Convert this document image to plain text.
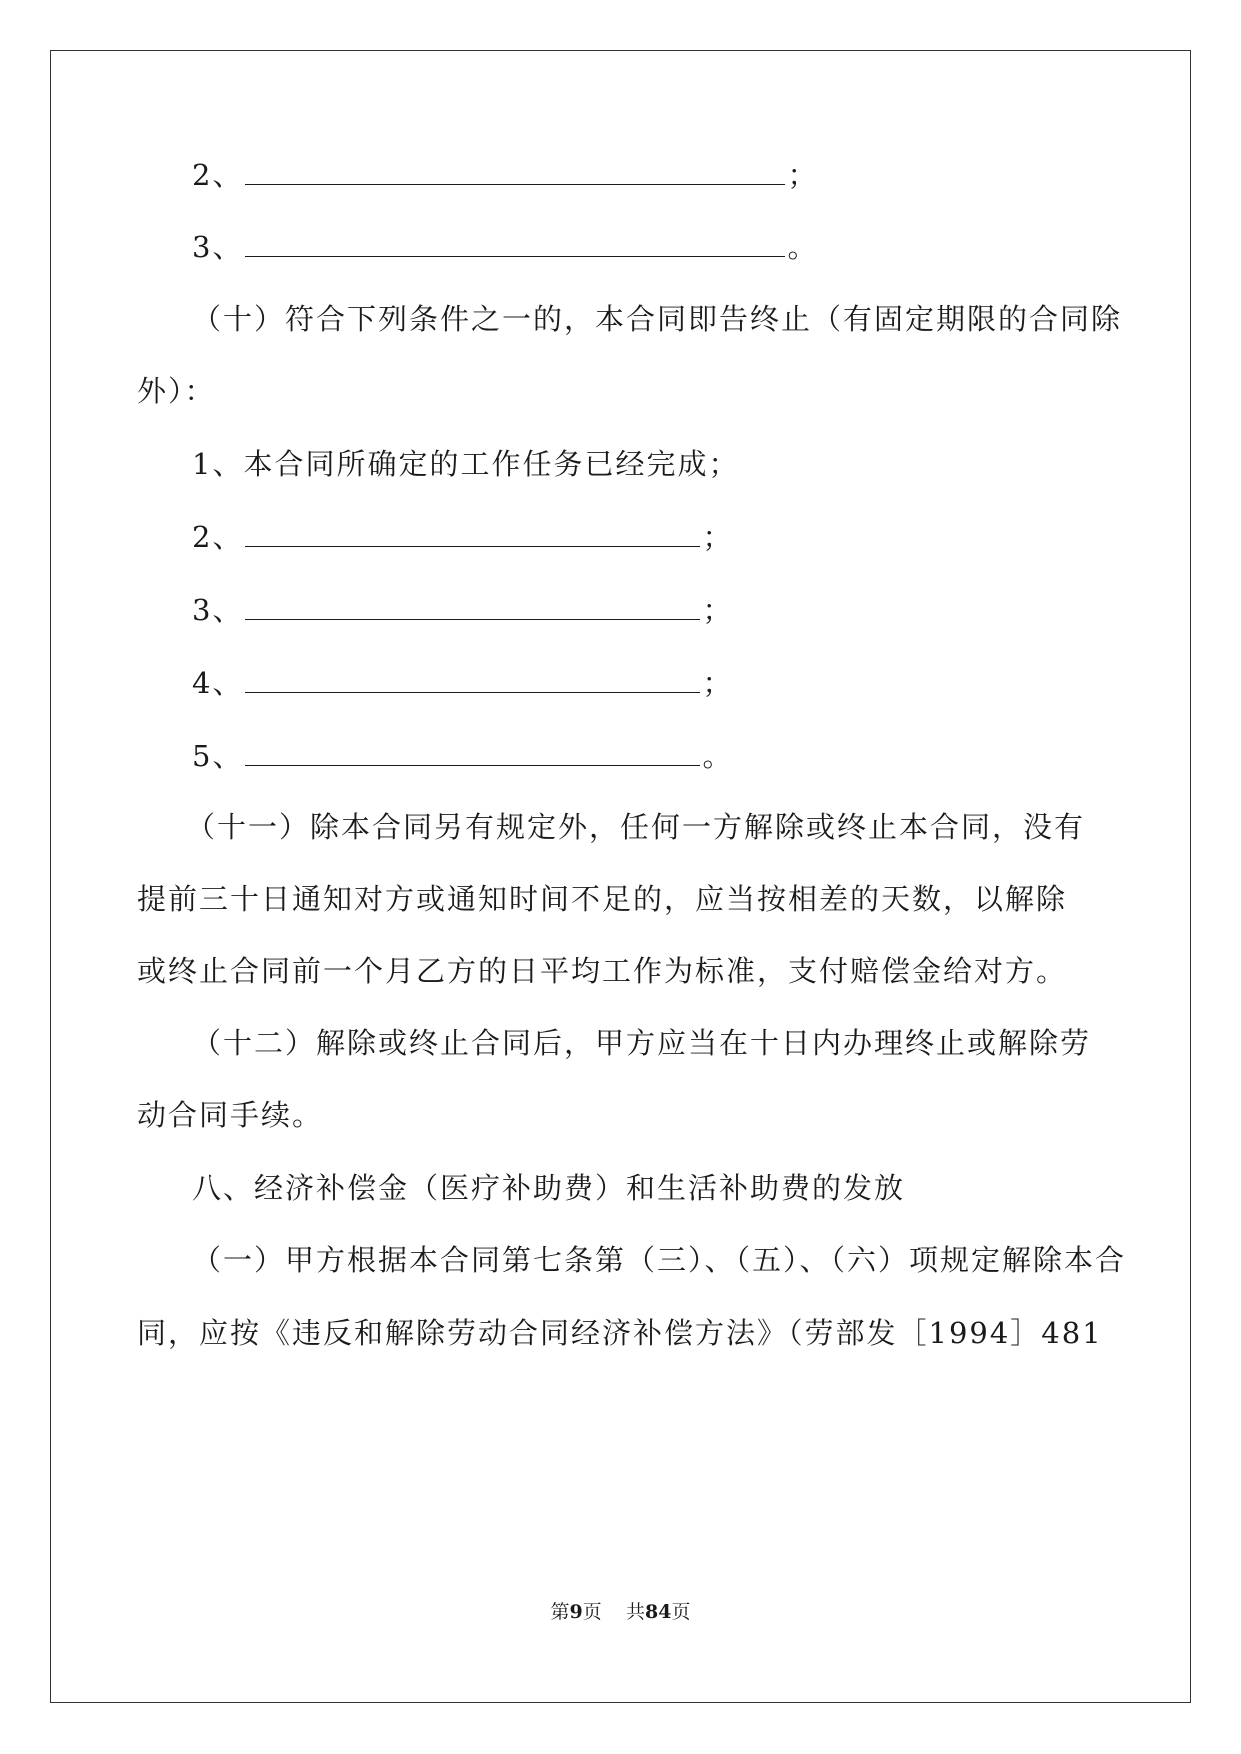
2、	；
3、	。
（十）符合下列条件之一的，本合同即告终止（有固定期限的合同除
外）：
1、本合同所确定的工作任务已经完成；
2、	；
3、	；
4、	；
5、	。
（十一）除本合同另有规定外，任何一方解除或终止本合同，没有
提前三十日通知对方或通知时间不足的，应当按相差的天数，以解除
或终止合同前一个月乙方的日平均工作为标准，支付赔偿金给对方。
（十二）解除或终止合同后，甲方应当在十日内办理终止或解除劳
动合同手续。
八、经济补偿金（医疗补助费）和生活补助费的发放
（一）甲方根据本合同第七条第（三）、（五）、（六）项规定解除本合
同，应按《违反和解除劳动合同经济补偿方法》（劳部发［1994］481
第9页 共84页
